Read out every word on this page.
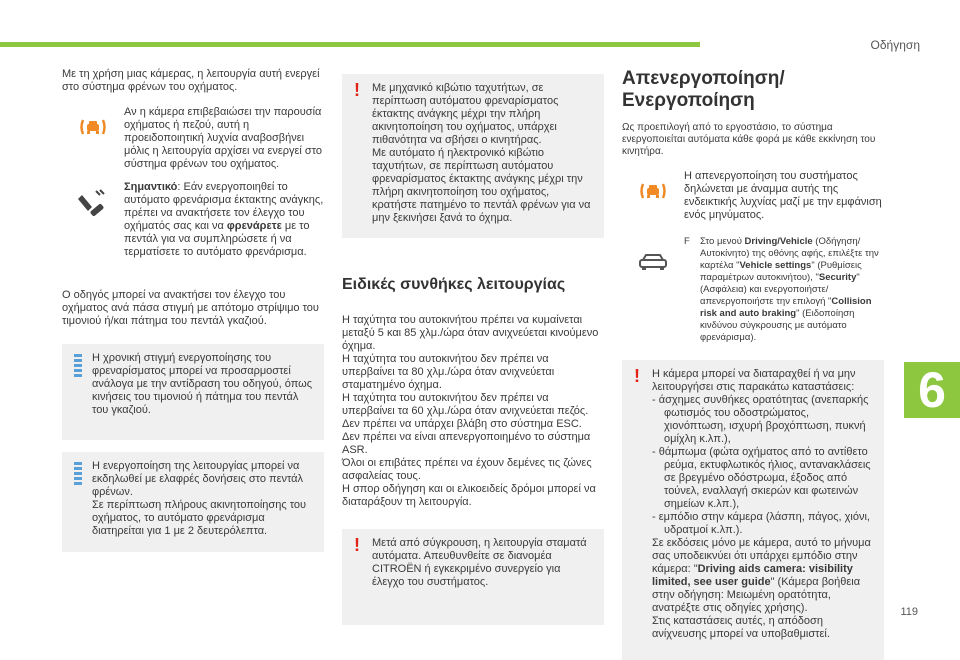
Οδήγηση
6
119

Με τη χρήση μιας κάμερας, η λειτουργία αυτή ενεργεί στο σύστημα φρένων του οχήματος.

Αν η κάμερα επιβεβαιώσει την παρουσία οχήματος ή πεζού, αυτή η προειδοποιητική λυχνία αναβοσβήνει μόλις η λειτουργία αρχίσει να ενεργεί στο σύστημα φρένων του οχήματος.

Σημαντικό: Εάν ενεργοποιηθεί το αυτόματο φρενάρισμα έκτακτης ανάγκης, πρέπει να ανακτήσετε τον έλεγχο του οχήματός σας και να φρενάρετε με το πεντάλ για να συμπληρώσετε ή να τερματίσετε το αυτόματο φρενάρισμα.

Ο οδηγός μπορεί να ανακτήσει τον έλεγχο του οχήματος ανά πάσα στιγμή με απότομο στρίψιμο του τιμονιού ή/και πάτημα του πεντάλ γκαζιού.

Η χρονική στιγμή ενεργοποίησης του φρεναρίσματος μπορεί να προσαρμοστεί ανάλογα με την αντίδραση του οδηγού, όπως κινήσεις του τιμονιού ή πάτημα του πεντάλ του γκαζιού.

Η ενεργοποίηση της λειτουργίας μπορεί να εκδηλωθεί με ελαφρές δονήσεις στο πεντάλ φρένων.

Σε περίπτωση πλήρους ακινητοποίησης του οχήματος, το αυτόματο φρενάρισμα διατηρείται για 1 με 2 δευτερόλεπτα.

! Με μηχανικό κιβώτιο ταχυτήτων, σε περίπτωση αυτόματου φρεναρίσματος έκτακτης ανάγκης μέχρι την πλήρη ακινητοποίηση του οχήματος, υπάρχει πιθανότητα να σβήσει ο κινητήρας.

Με αυτόματο ή ηλεκτρονικό κιβώτιο ταχυτήτων, σε περίπτωση αυτόματου φρεναρίσματος έκτακτης ανάγκης μέχρι την πλήρη ακινητοποίηση του οχήματος, κρατήστε πατημένο το πεντάλ φρένων για να μην ξεκινήσει ξανά το όχημα.

Ειδικές συνθήκες λειτουργίας

Η ταχύτητα του αυτοκινήτου πρέπει να κυμαίνεται μεταξύ 5 και 85 χλμ./ώρα όταν ανιχνεύεται κινούμενο όχημα.

Η ταχύτητα του αυτοκινήτου δεν πρέπει να υπερβαίνει τα 80 χλμ./ώρα όταν ανιχνεύεται σταματημένο όχημα.

Η ταχύτητα του αυτοκινήτου δεν πρέπει να υπερβαίνει τα 60 χλμ./ώρα όταν ανιχνεύεται πεζός.

Δεν πρέπει να υπάρχει βλάβη στο σύστημα ESC.

Δεν πρέπει να είναι απενεργοποιημένο το σύστημα ASR.

Όλοι οι επιβάτες πρέπει να έχουν δεμένες τις ζώνες ασφαλείας τους.

Η σπορ οδήγηση και οι ελικοειδείς δρόμοι μπορεί να διαταράξουν τη λειτουργία.

! Μετά από σύγκρουση, η λειτουργία σταματά αυτόματα. Απευθυνθείτε σε διανομέα CITROËN ή εγκεκριμένο συνεργείο για έλεγχο του συστήματος.

Απενεργοποίηση/Ενεργοποίηση

Ως προεπιλογή από το εργοστάσιο, το σύστημα ενεργοποιείται αυτόματα κάθε φορά με κάθε εκκίνηση του κινητήρα.

Η απενεργοποίηση του συστήματος δηλώνεται με άναμμα αυτής της ενδεικτικής λυχνίας μαζί με την εμφάνιση ενός μηνύματος.

F	Στο μενού Driving/Vehicle (Οδήγηση/Αυτοκίνητο) της οθόνης αφής, επιλέξτε την καρτέλα "Vehicle settings" (Ρυθμίσεις παραμέτρων αυτοκινήτου), "Security" (Ασφάλεια) και ενεργοποιήστε/απενεργοποιήστε την επιλογή "Collision risk and auto braking" (Ειδοποίηση κινδύνου σύγκρουσης με αυτόματο φρενάρισμα).

! Η κάμερα μπορεί να διαταραχθεί ή να μην λειτουργήσει στις παρακάτω καταστάσεις:

- άσχημες συνθήκες ορατότητας (ανεπαρκής φωτισμός του οδοστρώματος, χιονόπτωση, ισχυρή βροχόπτωση, πυκνή ομίχλη κ.λπ.),
- θάμπωμα (φώτα οχήματος από το αντίθετο ρεύμα, εκτυφλωτικός ήλιος, αντανακλάσεις σε βρεγμένο οδόστρωμα, έξοδος από τούνελ, εναλλαγή σκιερών και φωτεινών σημείων κ.λπ.),
- εμπόδιο στην κάμερα (λάσπη, πάγος, χιόνι, υδρατμοί κ.λπ.).

Σε εκδόσεις μόνο με κάμερα, αυτό το μήνυμα σας υποδεικνύει ότι υπάρχει εμπόδιο στην κάμερα: "Driving aids camera: visibility limited, see user guide" (Κάμερα βοήθεια στην οδήγηση: Μειωμένη ορατότητα, ανατρέξτε στις οδηγίες χρήσης).

Στις καταστάσεις αυτές, η απόδοση ανίχνευσης μπορεί να υποβαθμιστεί.
